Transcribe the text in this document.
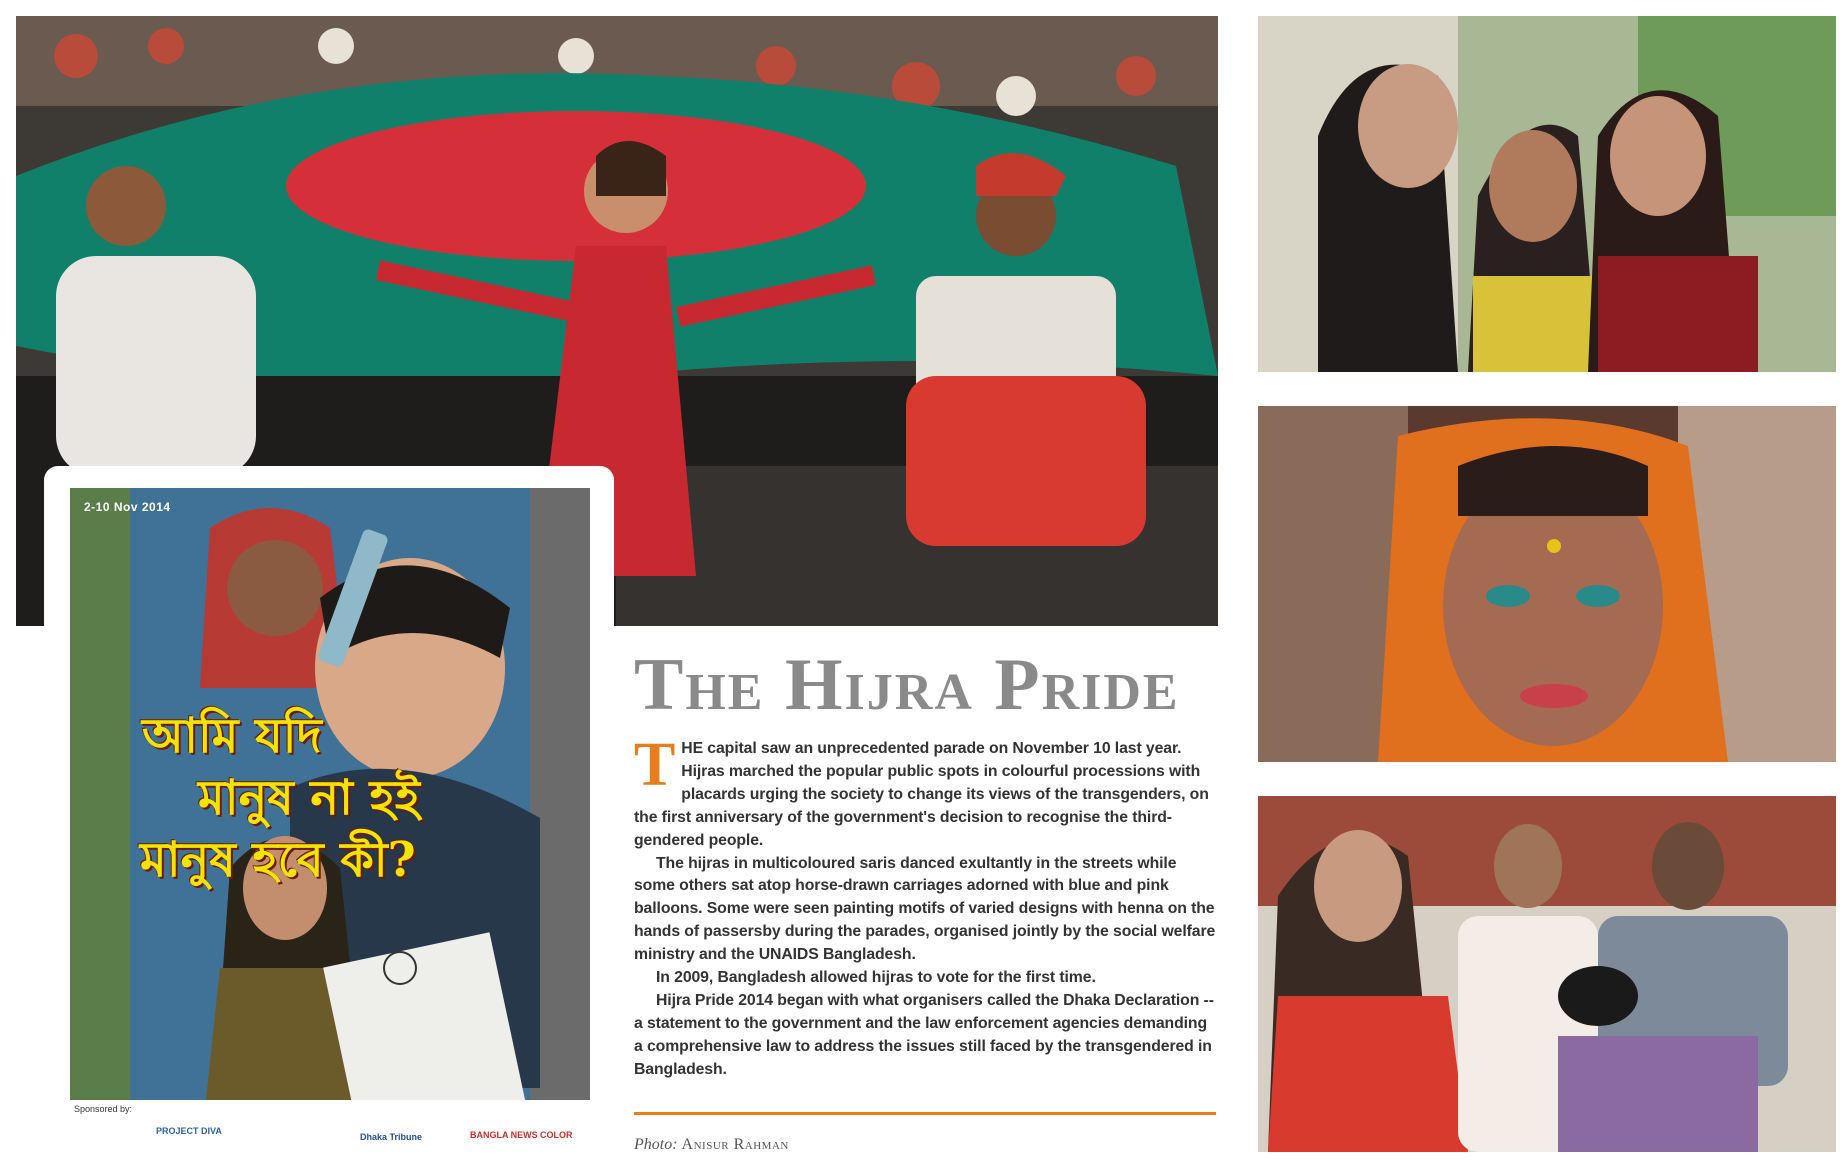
2-10 Nov 2014
আমি যদি
মানুষ না হই
মানুষ হবে কী?
Sponsored by:
PROJECT DIVA
Dhaka Tribune	BANGLA NEWS COLOR
The Hijra Pride

THE capital saw an unprecedented parade on November 10 last year. Hijras marched the popular public spots in colourful processions with placards urging the society to change its views of the transgenders, on the first anniversary of the government's decision to recognise the third-gendered people.

The hijras in multicoloured saris danced exultantly in the streets while some others sat atop horse-drawn carriages adorned with blue and pink balloons. Some were seen painting motifs of varied designs with henna on the hands of passersby during the parades, organised jointly by the social welfare ministry and the UNAIDS Bangladesh.

In 2009, Bangladesh allowed hijras to vote for the first time.

Hijra Pride 2014 began with what organisers called the Dhaka Declaration -- a statement to the government and the law enforcement agencies demanding a comprehensive law to address the issues still faced by the transgendered in Bangladesh.

Photo: Anisur Rahman
